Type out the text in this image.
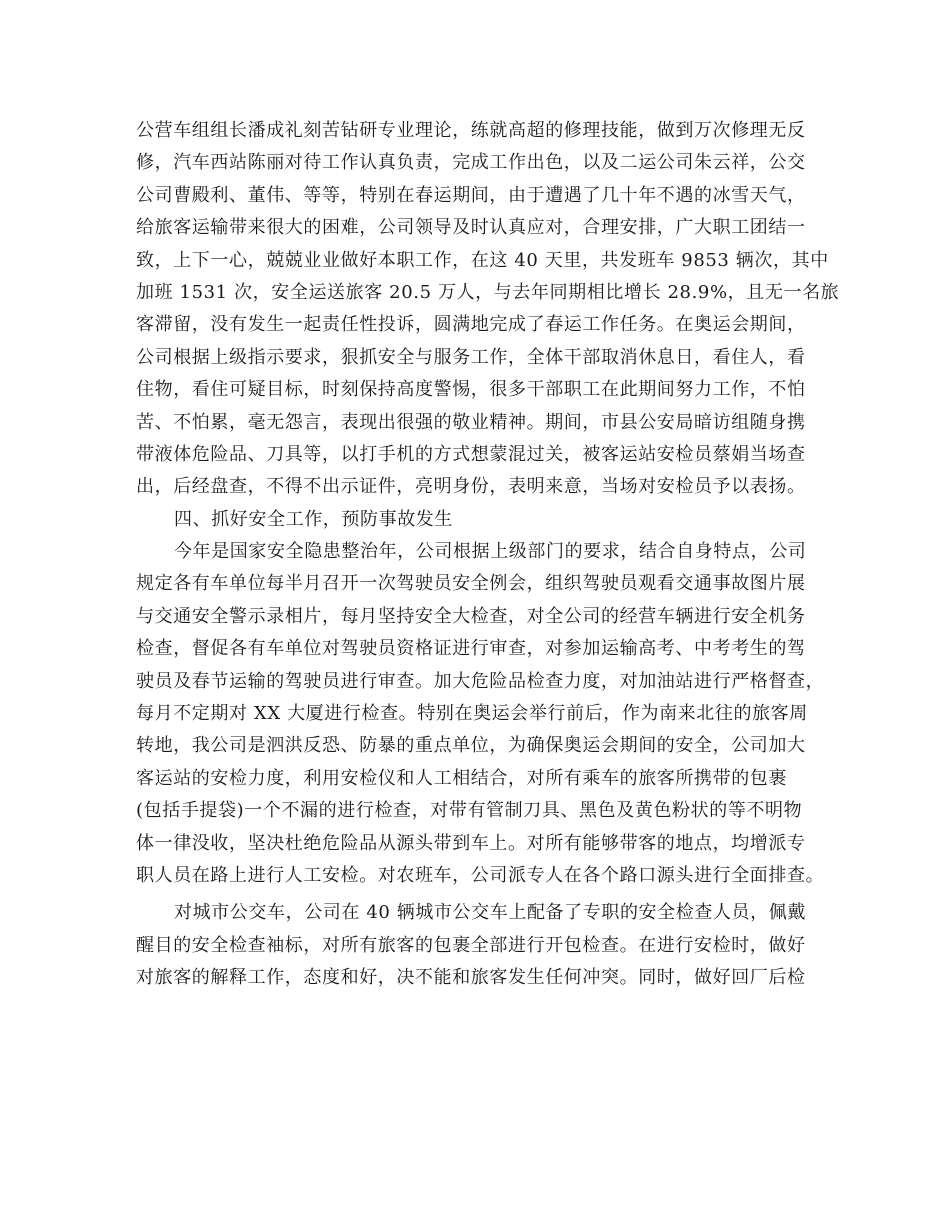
公营车组组长潘成礼刻苦钻研专业理论，练就高超的修理技能，做到万次修理无反
修，汽车西站陈丽对待工作认真负责，完成工作出色，以及二运公司朱云祥，公交
公司曹殿利、董伟、等等，特别在春运期间，由于遭遇了几十年不遇的冰雪天气，
给旅客运输带来很大的困难，公司领导及时认真应对，合理安排，广大职工团结一
致，上下一心，兢兢业业做好本职工作，在这 40 天里，共发班车 9853 辆次，其中
加班 1531 次，安全运送旅客 20.5 万人，与去年同期相比增长 28.9%，且无一名旅
客滞留，没有发生一起责任性投诉，圆满地完成了春运工作任务。在奥运会期间，
公司根据上级指示要求，狠抓安全与服务工作，全体干部取消休息日，看住人，看
住物，看住可疑目标，时刻保持高度警惕，很多干部职工在此期间努力工作，不怕
苦、不怕累，毫无怨言，表现出很强的敬业精神。期间，市县公安局暗访组随身携
带液体危险品、刀具等，以打手机的方式想蒙混过关，被客运站安检员蔡娟当场查
出，后经盘查，不得不出示证件，亮明身份，表明来意，当场对安检员予以表扬。
四、抓好安全工作，预防事故发生
今年是国家安全隐患整治年，公司根据上级部门的要求，结合自身特点，公司
规定各有车单位每半月召开一次驾驶员安全例会，组织驾驶员观看交通事故图片展
与交通安全警示录相片，每月坚持安全大检查，对全公司的经营车辆进行安全机务
检查，督促各有车单位对驾驶员资格证进行审查，对参加运输高考、中考考生的驾
驶员及春节运输的驾驶员进行审查。加大危险品检查力度，对加油站进行严格督查，
每月不定期对 XX 大厦进行检查。特别在奥运会举行前后，作为南来北往的旅客周
转地，我公司是泗洪反恐、防暴的重点单位，为确保奥运会期间的安全，公司加大
客运站的安检力度，利用安检仪和人工相结合，对所有乘车的旅客所携带的包裹
(包括手提袋)一个不漏的进行检查，对带有管制刀具、黑色及黄色粉状的等不明物
体一律没收，坚决杜绝危险品从源头带到车上。对所有能够带客的地点，均增派专
职人员在路上进行人工安检。对农班车，公司派专人在各个路口源头进行全面排查。
对城市公交车，公司在 40 辆城市公交车上配备了专职的安全检查人员，佩戴
醒目的安全检查袖标，对所有旅客的包裹全部进行开包检查。在进行安检时，做好
对旅客的解释工作，态度和好，决不能和旅客发生任何冲突。同时，做好回厂后检
